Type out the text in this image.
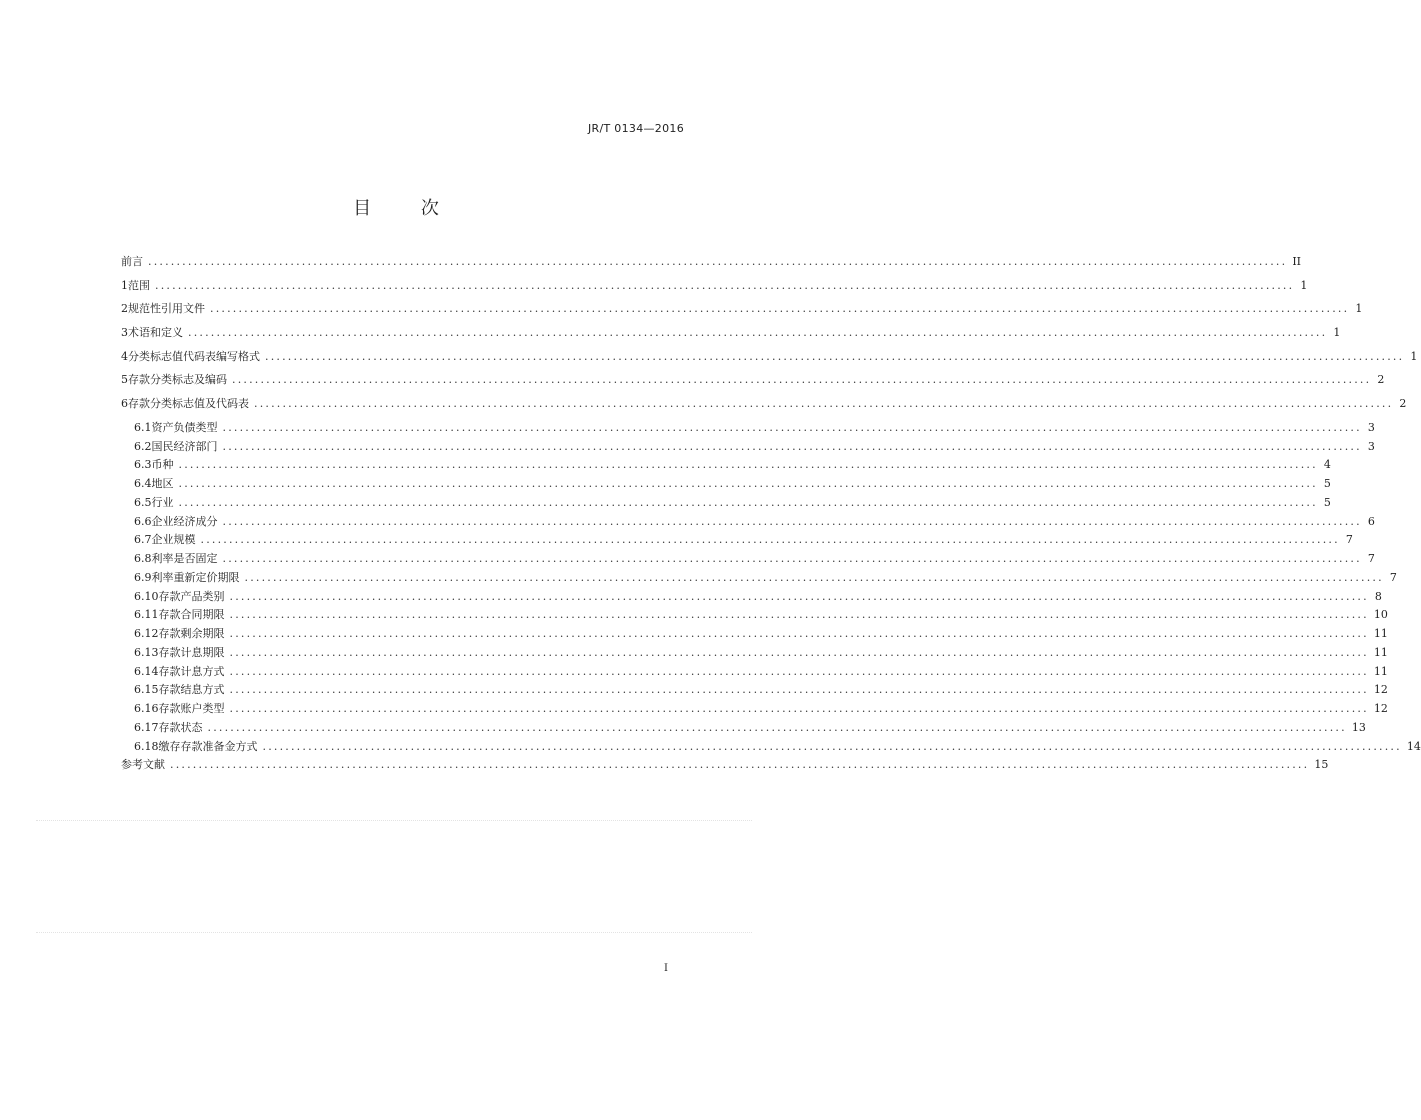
JR/T 0134—2016
目 次
前言 ........................................................................................................................................................................................................ II
1 范围 ........................................................................................................................................................................................................ 1
2 规范性引用文件 ........................................................................................................................................................................................................ 1
3 术语和定义 ........................................................................................................................................................................................................ 1
4 分类标志值代码表编写格式 ........................................................................................................................................................................................................ 1
5 存款分类标志及编码 ........................................................................................................................................................................................................ 2
6 存款分类标志值及代码表 ........................................................................................................................................................................................................ 2
6.1 资产负债类型 ........................................................................................................................................................................................................ 3
6.2 国民经济部门 ........................................................................................................................................................................................................ 3
6.3 币种 ........................................................................................................................................................................................................ 4
6.4 地区 ........................................................................................................................................................................................................ 5
6.5 行业 ........................................................................................................................................................................................................ 5
6.6 企业经济成分 ........................................................................................................................................................................................................ 6
6.7 企业规模 ........................................................................................................................................................................................................ 7
6.8 利率是否固定 ........................................................................................................................................................................................................ 7
6.9 利率重新定价期限 ........................................................................................................................................................................................................ 7
6.10 存款产品类别 ........................................................................................................................................................................................................ 8
6.11 存款合同期限 ........................................................................................................................................................................................................ 10
6.12 存款剩余期限 ........................................................................................................................................................................................................ 11
6.13 存款计息期限 ........................................................................................................................................................................................................ 11
6.14 存款计息方式 ........................................................................................................................................................................................................ 11
6.15 存款结息方式 ........................................................................................................................................................................................................ 12
6.16 存款账户类型 ........................................................................................................................................................................................................ 12
6.17 存款状态 ........................................................................................................................................................................................................ 13
6.18 缴存存款准备金方式 ........................................................................................................................................................................................................ 14
参考文献 ........................................................................................................................................................................................................ 15
I
